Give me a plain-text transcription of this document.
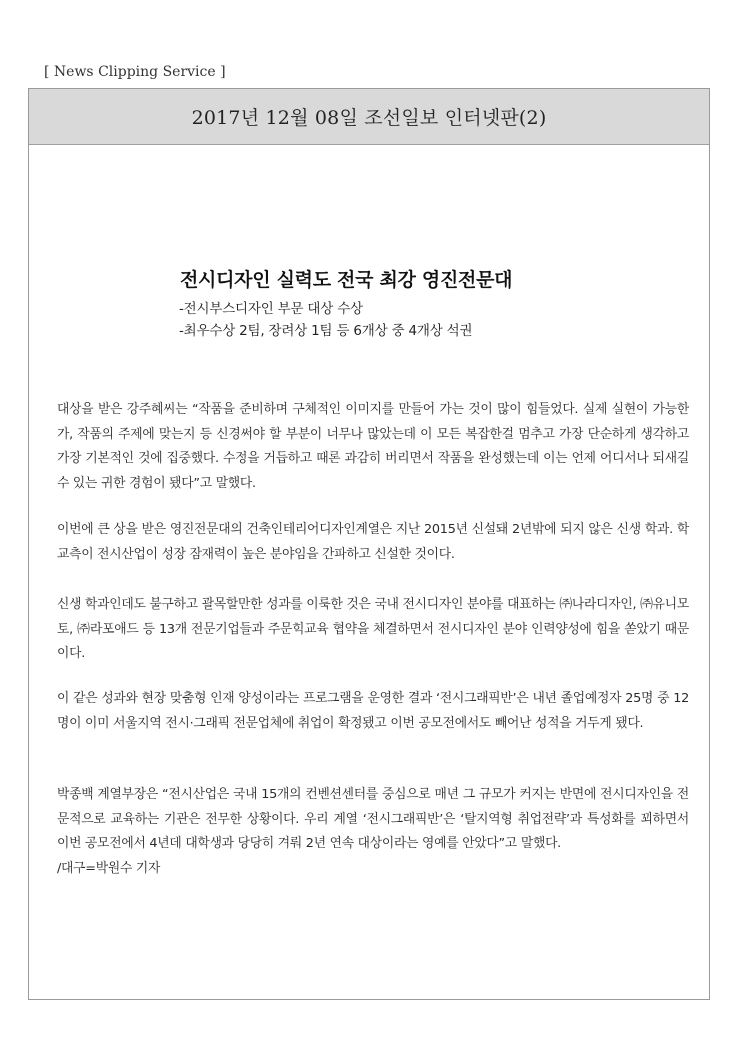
[ News Clipping Service ]
2017년 12월 08일 조선일보 인터넷판(2)
전시디자인 실력도 전국 최강 영진전문대
-전시부스디자인 부문 대상 수상
-최우수상 2팀, 장려상 1팀 등 6개상 중 4개상 석권
대상을 받은 강주혜씨는 “작품을 준비하며 구체적인 이미지를 만들어 가는 것이 많이 힘들었다. 실제 실현이 가능한가, 작품의 주제에 맞는지 등 신경써야 할 부분이 너무나 많았는데 이 모든 복잡한걸 멈추고 가장 단순하게 생각하고 가장 기본적인 것에 집중했다. 수정을 거듭하고 때론 과감히 버리면서 작품을 완성했는데 이는 언제 어디서나 되새길 수 있는 귀한 경험이 됐다”고 말했다.
이번에 큰 상을 받은 영진전문대의 건축인테리어디자인계열은 지난 2015년 신설돼 2년밖에 되지 않은 신생 학과. 학교측이 전시산업이 성장 잠재력이 높은 분야임을 간파하고 신설한 것이다.
신생 학과인데도 불구하고 괄목할만한 성과를 이룩한 것은 국내 전시디자인 분야를 대표하는 ㈜나라디자인, ㈜유니모토, ㈜라포애드 등 13개 전문기업들과 주문힉교육 협약을 체결하면서 전시디자인 분야 인력양성에 힘을 쏟았기 때문이다.
이 같은 성과와 현장 맞춤형 인재 양성이라는 프로그램을 운영한 결과 ‘전시그래픽반’은 내년 졸업예정자 25명 중 12명이 이미 서울지역 전시·그래픽 전문업체에 취업이 확정됐고 이번 공모전에서도 빼어난 성적을 거두게 됐다.
박종백 계열부장은 “전시산업은 국내 15개의 컨벤션센터를 중심으로 매년 그 규모가 커지는 반면에 전시디자인을 전문적으로 교육하는 기관은 전무한 상황이다. 우리 계열 ‘전시그래픽반’은 ‘탈지역형 취업전략’과 특성화를 꾀하면서 이번 공모전에서 4년데 대학생과 당당히 겨뤄 2년 연속 대상이라는 영예를 안았다”고 말했다.
/대구=박원수 기자
